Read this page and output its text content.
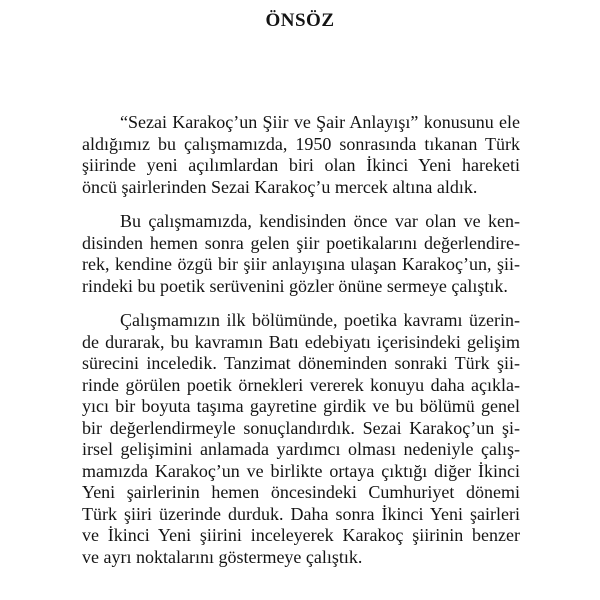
ÖNSÖZ
“Sezai Karakoç’un Şiir ve Şair Anlayışı” konusunu ele
aldığımız bu çalışmamızda, 1950 sonrasında tıkanan Türk
şiirinde yeni açılımlardan biri olan İkinci Yeni hareketi
öncü şairlerinden Sezai Karakoç’u mercek altına aldık.
Bu çalışmamızda, kendisinden önce var olan ve ken-
disinden hemen sonra gelen şiir poetikalarını değerlendire-
rek, kendine özgü bir şiir anlayışına ulaşan Karakoç’un, şii-
rindeki bu poetik serüvenini gözler önüne sermeye çalıştık.
Çalışmamızın ilk bölümünde, poetika kavramı üzerin-
de durarak, bu kavramın Batı edebiyatı içerisindeki gelişim
sürecini inceledik. Tanzimat döneminden sonraki Türk şii-
rinde görülen poetik örnekleri vererek konuyu daha açıkla-
yıcı bir boyuta taşıma gayretine girdik ve bu bölümü genel
bir değerlendirmeyle sonuçlandırdık. Sezai Karakoç’un şi-
irsel gelişimini anlamada yardımcı olması nedeniyle çalış-
mamızda Karakoç’un ve birlikte ortaya çıktığı diğer İkinci
Yeni şairlerinin hemen öncesindeki Cumhuriyet dönemi
Türk şiiri üzerinde durduk. Daha sonra İkinci Yeni şairleri
ve İkinci Yeni şiirini inceleyerek Karakoç şiirinin benzer
ve ayrı noktalarını göstermeye çalıştık.
